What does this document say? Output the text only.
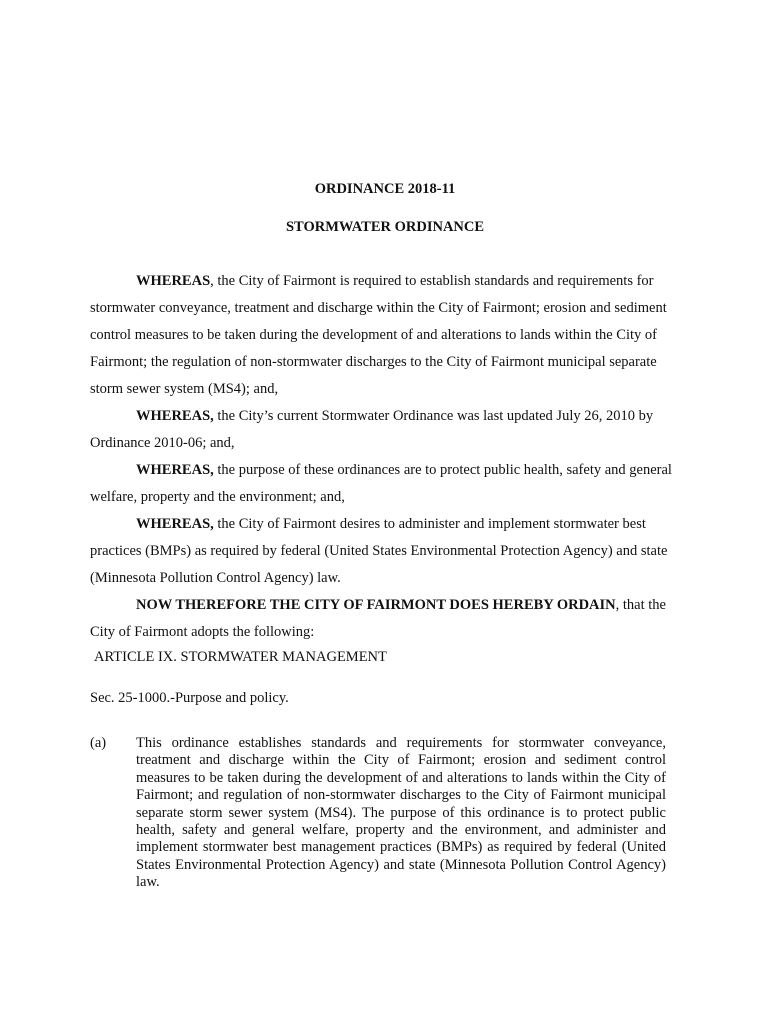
ORDINANCE 2018-11

STORMWATER ORDINANCE

WHEREAS, the City of Fairmont is required to establish standards and requirements for stormwater conveyance, treatment and discharge within the City of Fairmont; erosion and sediment control measures to be taken during the development of and alterations to lands within the City of Fairmont; the regulation of non-stormwater discharges to the City of Fairmont municipal separate storm sewer system (MS4); and,

WHEREAS, the City’s current Stormwater Ordinance was last updated July 26, 2010 by Ordinance 2010-06; and,

WHEREAS, the purpose of these ordinances are to protect public health, safety and general welfare, property and the environment; and,

WHEREAS, the City of Fairmont desires to administer and implement stormwater best practices (BMPs) as required by federal (United States Environmental Protection Agency) and state (Minnesota Pollution Control Agency) law.

NOW THEREFORE THE CITY OF FAIRMONT DOES HEREBY ORDAIN, that the City of Fairmont adopts the following:

ARTICLE IX. STORMWATER MANAGEMENT

Sec. 25-1000.-Purpose and policy.

(a) This ordinance establishes standards and requirements for stormwater conveyance, treatment and discharge within the City of Fairmont; erosion and sediment control measures to be taken during the development of and alterations to lands within the City of Fairmont; and regulation of non-stormwater discharges to the City of Fairmont municipal separate storm sewer system (MS4). The purpose of this ordinance is to protect public health, safety and general welfare, property and the environment, and administer and implement stormwater best management practices (BMPs) as required by federal (United States Environmental Protection Agency) and state (Minnesota Pollution Control Agency) law.
